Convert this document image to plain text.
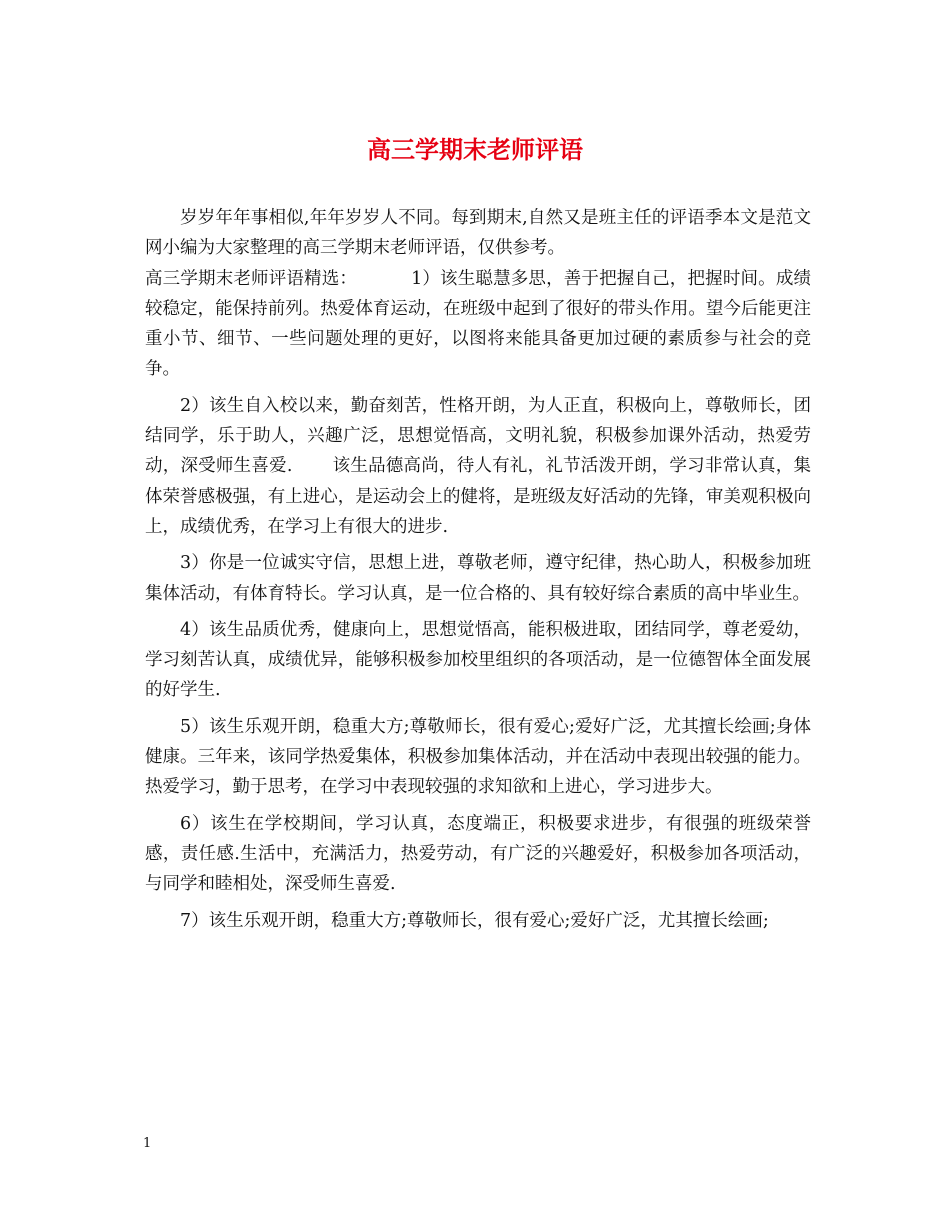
高三学期末老师评语

岁岁年年事相似,年年岁岁人不同。每到期末,自然又是班主任的评语季本文是范文网小编为大家整理的高三学期末老师评语，仅供参考。

高三学期末老师评语精选：	1）该生聪慧多思，善于把握自己，把握时间。成绩较稳定，能保持前列。热爱体育运动，在班级中起到了很好的带头作用。望今后能更注重小节、细节、一些问题处理的更好，以图将来能具备更加过硬的素质参与社会的竞争。

2）该生自入校以来，勤奋刻苦，性格开朗，为人正直，积极向上，尊敬师长，团结同学，乐于助人，兴趣广泛，思想觉悟高，文明礼貌，积极参加课外活动，热爱劳动，深受师生喜爱. 该生品德高尚，待人有礼，礼节活泼开朗，学习非常认真，集体荣誉感极强，有上进心，是运动会上的健将，是班级友好活动的先锋，审美观积极向上，成绩优秀，在学习上有很大的进步.

3）你是一位诚实守信，思想上进，尊敬老师，遵守纪律，热心助人，积极参加班集体活动，有体育特长。学习认真，是一位合格的、具有较好综合素质的高中毕业生。

4）该生品质优秀，健康向上，思想觉悟高，能积极进取，团结同学，尊老爱幼，学习刻苦认真，成绩优异，能够积极参加校里组织的各项活动，是一位德智体全面发展的好学生.

5）该生乐观开朗，稳重大方;尊敬师长，很有爱心;爱好广泛，尤其擅长绘画;身体健康。三年来，该同学热爱集体，积极参加集体活动，并在活动中表现出较强的能力。热爱学习，勤于思考，在学习中表现较强的求知欲和上进心，学习进步大。

6）该生在学校期间，学习认真，态度端正，积极要求进步，有很强的班级荣誉感，责任感.生活中，充满活力，热爱劳动，有广泛的兴趣爱好，积极参加各项活动，与同学和睦相处，深受师生喜爱.

7）该生乐观开朗，稳重大方;尊敬师长，很有爱心;爱好广泛，尤其擅长绘画;

1
